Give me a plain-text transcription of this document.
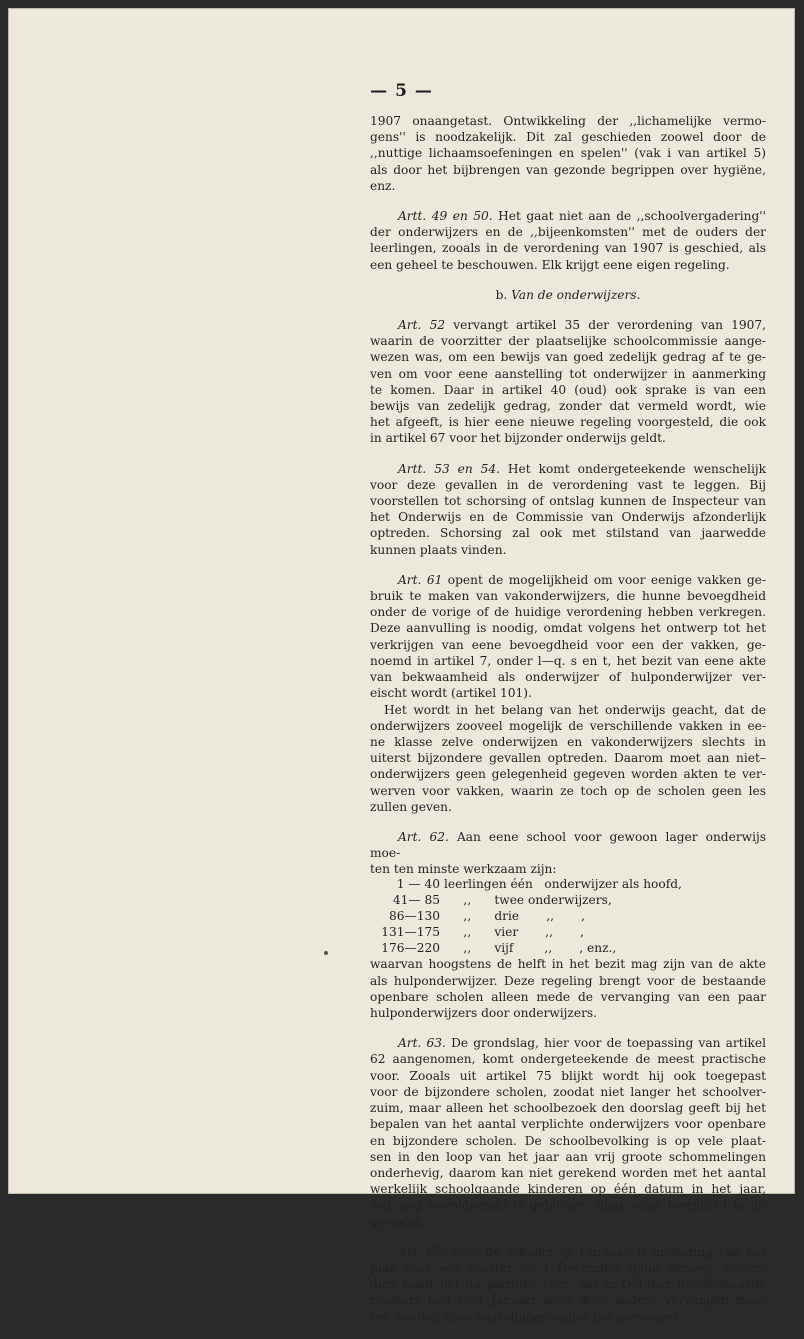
— 5 —
1907 onaangetast. Ontwikkeling der ,,lichamelijke vermo-
gens'' is noodzakelijk. Dit zal geschieden zoowel door de
,,nuttige lichaamsoefeningen en spelen'' (vak i van artikel 5)
als door het bijbrengen van gezonde begrippen over hygiëne,
enz.
Artt. 49 en 50. Het gaat niet aan de ,,schoolvergadering''
der onderwijzers en de ,,bijeenkomsten'' met de ouders der
leerlingen, zooals in de verordening van 1907 is geschied, als
een geheel te beschouwen. Elk krijgt eene eigen regeling.
b. Van de onderwijzers.
Art. 52 vervangt artikel 35 der verordening van 1907,
waarin de voorzitter der plaatselijke schoolcommissie aange-
wezen was, om een bewijs van goed zedelijk gedrag af te ge-
ven om voor eene aanstelling tot onderwijzer in aanmerking
te komen. Daar in artikel 40 (oud) ook sprake is van een
bewijs van zedelijk gedrag, zonder dat vermeld wordt, wie
het afgeeft, is hier eene nieuwe regeling voorgesteld, die ook
in artikel 67 voor het bijzonder onderwijs geldt.
Artt. 53 en 54. Het komt ondergeteekende wenschelijk
voor deze gevallen in de verordening vast te leggen. Bij
voorstellen tot schorsing of ontslag kunnen de Inspecteur van
het Onderwijs en de Commissie van Onderwijs afzonderlijk
optreden. Schorsing zal ook met stilstand van jaarwedde
kunnen plaats vinden.
Art. 61 opent de mogelijkheid om voor eenige vakken ge-
bruik te maken van vakonderwijzers, die hunne bevoegdheid
onder de vorige of de huidige verordening hebben verkregen.
Deze aanvulling is noodig, omdat volgens het ontwerp tot het
verkrijgen van eene bevoegdheid voor een der vakken, ge-
noemd in artikel 7, onder l—q. s en t, het bezit van eene akte
van bekwaamheid als onderwijzer of hulponderwijzer ver-
eischt wordt (artikel 101).
Het wordt in het belang van het onderwijs geacht, dat de
onderwijzers zooveel mogelijk de verschillende vakken in ee-
ne klasse zelve onderwijzen en vakonderwijzers slechts in
uiterst bijzondere gevallen optreden. Daarom moet aan niet–
onderwijzers geen gelegenheid gegeven worden akten te ver-
werven voor vakken, waarin ze toch op de scholen geen les
zullen geven.
Art. 62. Aan eene school voor gewoon lager onderwijs moe-
ten ten minste werkzaam zijn:
1 — 40 leerlingen één   onderwijzer als hoofd,
41— 85 ,,      twee onderwijzers,
86—130 ,,      drie       ,,       ,
131—175 ,,      vier       ,,       ,
176—220 ,,      vijf        ,,       , enz.,
waarvan hoogstens de helft in het bezit mag zijn van de akte
als hulponderwijzer. Deze regeling brengt voor de bestaande
openbare scholen alleen mede de vervanging van een paar
hulponderwijzers door onderwijzers.
Art. 63. De grondslag, hier voor de toepassing van artikel
62 aangenomen, komt ondergeteekende de meest practische
voor. Zooals uit artikel 75 blijkt wordt hij ook toegepast
voor de bijzondere scholen, zoodat niet langer het schoolver-
zuim, maar alleen het schoolbezoek den doorslag geeft bij het
bepalen van het aantal verplichte onderwijzers voor openbare
en bijzondere scholen. De schoolbevolking is op vele plaat-
sen in den loop van het jaar aan vrij groote schommelingen
onderhevig, daarom kan niet gerekend worden met het aantal
werkelijk schoolgaande kinderen op één datum in het jaar,
wat nog onvoldoende is gebleken, daar waar leerplicht is in-
gevoerd.
Art. 65. Voor de scholen op Curaçao is inzending van het
plan voor een rooster op 1 December tijdig genoeg. Boven-
dien komt het nu jaarlijks voor, dat in October goedgekeurde
roosters nog vóór Januari weer door andere vervangen moe-
ten worden door wisselingen onder het personeel.
